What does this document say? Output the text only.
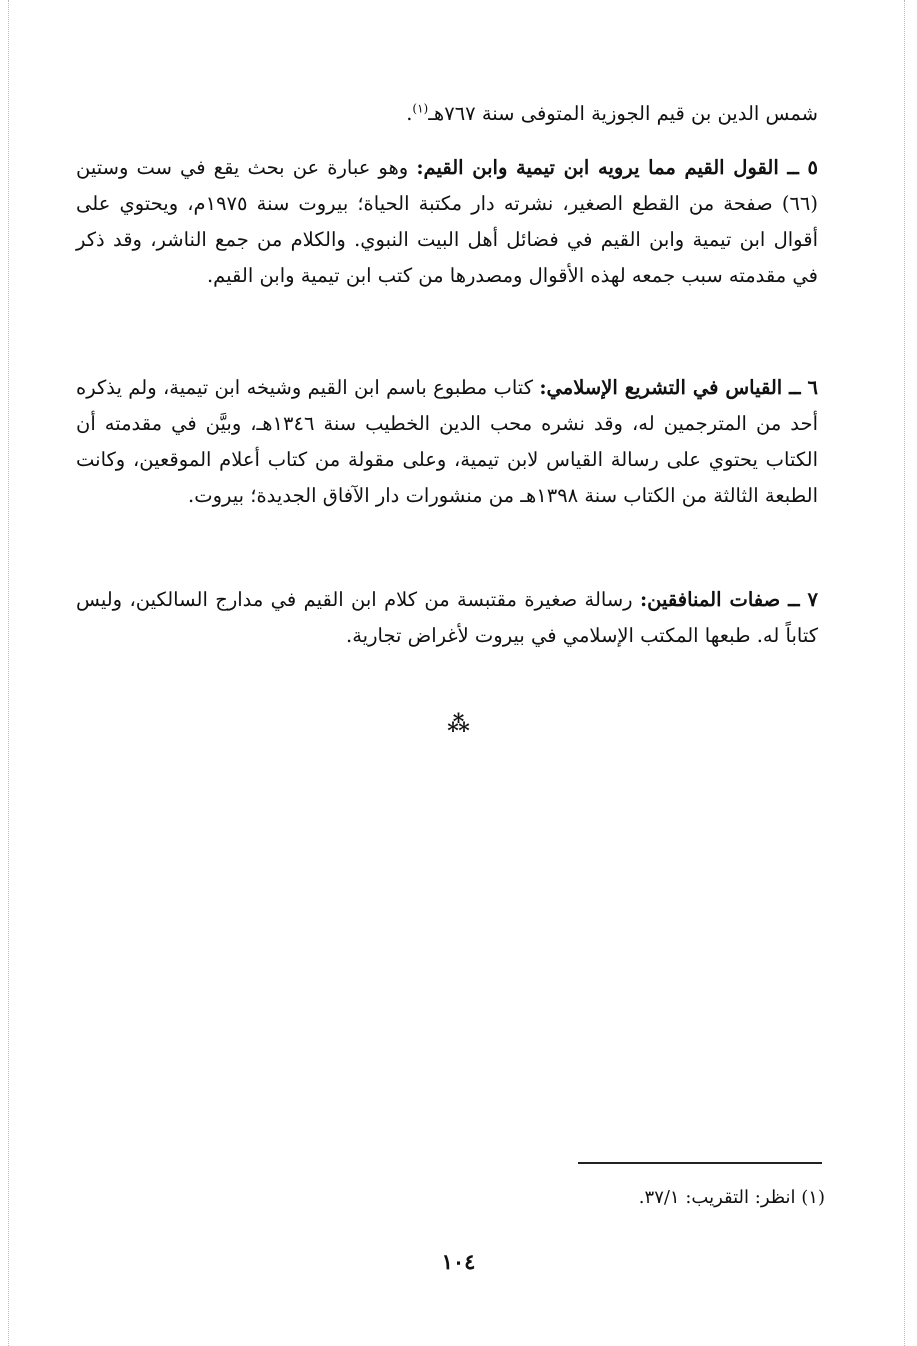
شمس الدين بن قيم الجوزية المتوفى سنة ٧٦٧هـ$^{(١)}$.
٥ ــ القول القيم مما يرويه ابن تيمية وابن القيم: وهو عبارة عن بحث يقع في ست وستين (٦٦) صفحة من القطع الصغير، نشرته دار مكتبة الحياة؛ بيروت سنة ١٩٧٥م، ويحتوي على أقوال ابن تيمية وابن القيم في فضائل أهل البيت النبوي. والكلام من جمع الناشر، وقد ذكر في مقدمته سبب جمعه لهذه الأقوال ومصدرها من كتب ابن تيمية وابن القيم.
٦ ــ القياس في التشريع الإسلامي: كتاب مطبوع باسم ابن القيم وشيخه ابن تيمية، ولم يذكره أحد من المترجمين له، وقد نشره محب الدين الخطيب سنة ١٣٤٦هـ، وبيَّن في مقدمته أن الكتاب يحتوي على رسالة القياس لابن تيمية، وعلى مقولة من كتاب أعلام الموقعين، وكانت الطبعة الثالثة من الكتاب سنة ١٣٩٨هـ من منشورات دار الآفاق الجديدة؛ بيروت.
٧ ــ صفات المنافقين: رسالة صغيرة مقتبسة من كلام ابن القيم في مدارج السالكين، وليس كتاباً له. طبعها المكتب الإسلامي في بيروت لأغراض تجارية.
⁂
(١) انظر: التقريب: ٣٧/١.
١٠٤
